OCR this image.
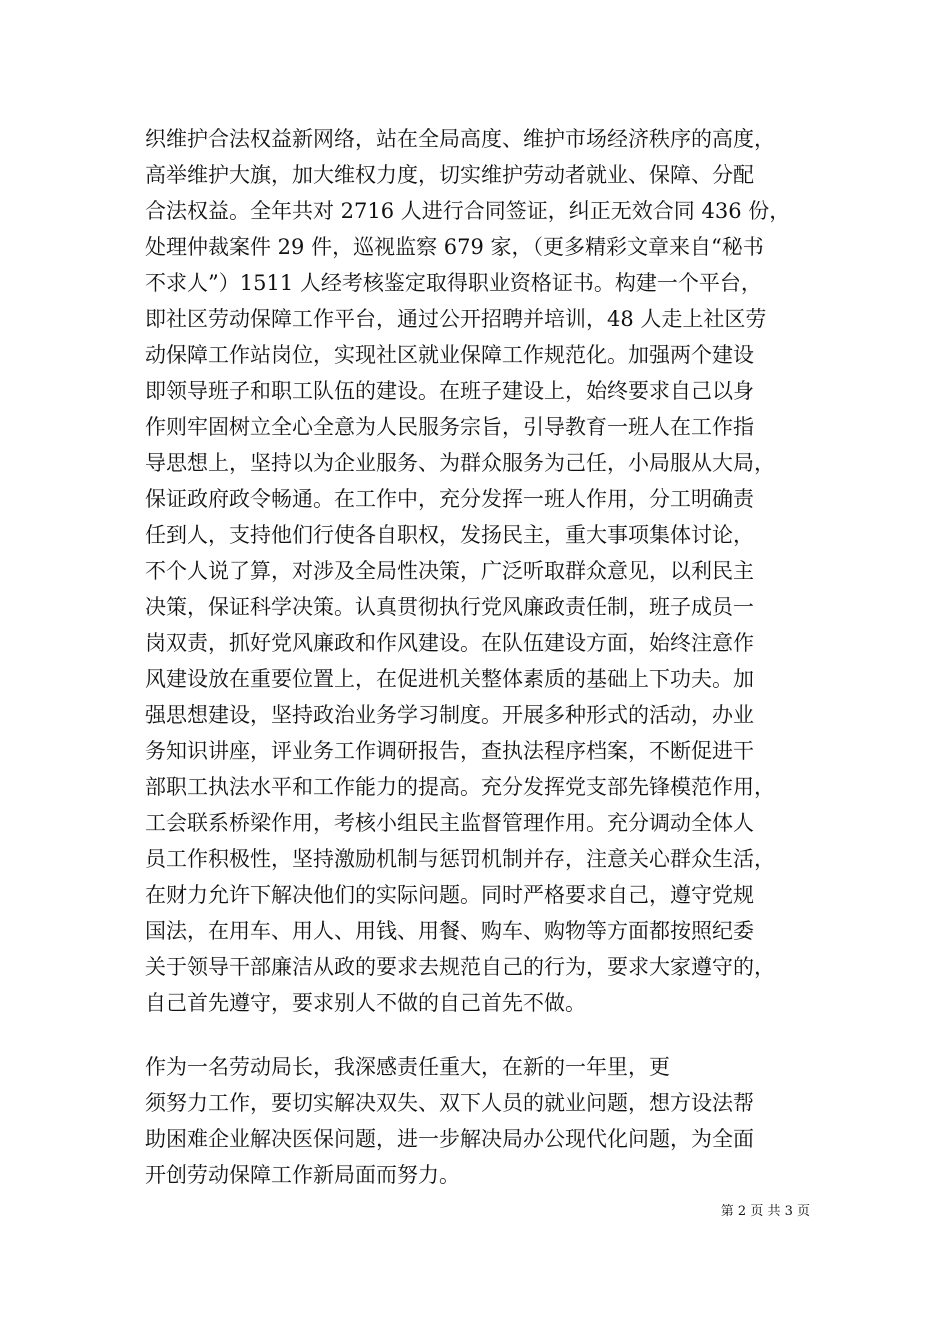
织维护合法权益新网络，站在全局高度、维护市场经济秩序的高度，
高举维护大旗，加大维权力度，切实维护劳动者就业、保障、分配
合法权益。全年共对 2716 人进行合同签证，纠正无效合同 436 份，
处理仲裁案件 29 件，巡视监察 679 家，（更多精彩文章来自“秘书
不求人”）1511 人经考核鉴定取得职业资格证书。构建一个平台，
即社区劳动保障工作平台，通过公开招聘并培训，48 人走上社区劳
动保障工作站岗位，实现社区就业保障工作规范化。加强两个建设
即领导班子和职工队伍的建设。在班子建设上，始终要求自己以身
作则牢固树立全心全意为人民服务宗旨，引导教育一班人在工作指
导思想上，坚持以为企业服务、为群众服务为己任，小局服从大局，
保证政府政令畅通。在工作中，充分发挥一班人作用，分工明确责
任到人，支持他们行使各自职权，发扬民主，重大事项集体讨论，
不个人说了算，对涉及全局性决策，广泛听取群众意见，以利民主
决策，保证科学决策。认真贯彻执行党风廉政责任制，班子成员一
岗双责，抓好党风廉政和作风建设。在队伍建设方面，始终注意作
风建设放在重要位置上，在促进机关整体素质的基础上下功夫。加
强思想建设，坚持政治业务学习制度。开展多种形式的活动，办业
务知识讲座，评业务工作调研报告，查执法程序档案，不断促进干
部职工执法水平和工作能力的提高。充分发挥党支部先锋模范作用，
工会联系桥梁作用，考核小组民主监督管理作用。充分调动全体人
员工作积极性，坚持激励机制与惩罚机制并存，注意关心群众生活，
在财力允许下解决他们的实际问题。同时严格要求自己，遵守党规
国法，在用车、用人、用钱、用餐、购车、购物等方面都按照纪委
关于领导干部廉洁从政的要求去规范自己的行为，要求大家遵守的，
自己首先遵守，要求别人不做的自己首先不做。
作为一名劳动局长，我深感责任重大，在新的一年里，更
须努力工作，要切实解决双失、双下人员的就业问题，想方设法帮
助困难企业解决医保问题，进一步解决局办公现代化问题，为全面
开创劳动保障工作新局面而努力。
第 2 页 共 3 页
